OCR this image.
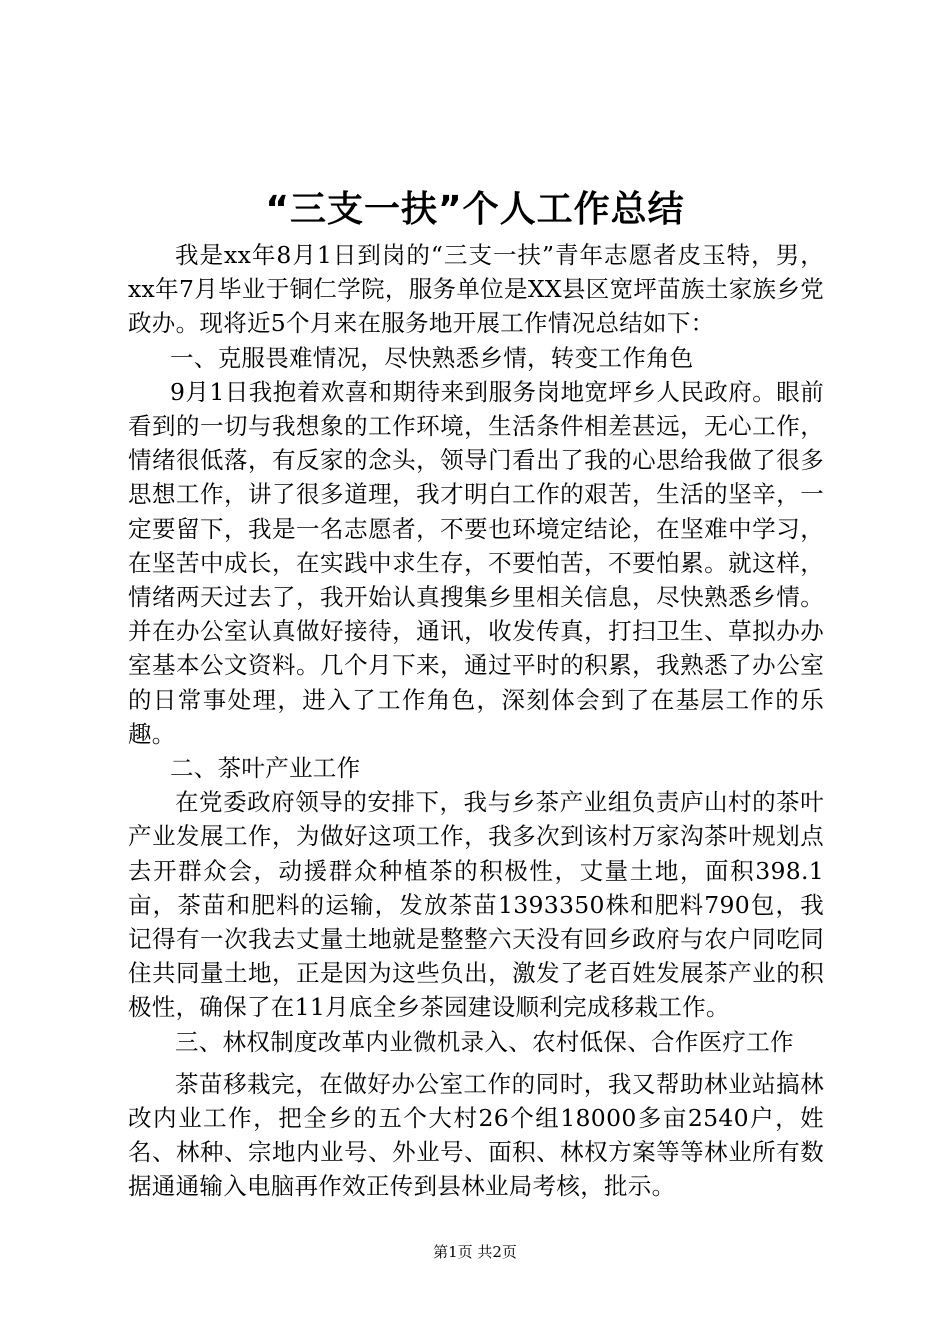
“三支一扶”个人工作总结

我是xx年8月1日到岗的“三支一扶”青年志愿者皮玉特，男，xx年7月毕业于铜仁学院，服务单位是XX县区宽坪苗族土家族乡党政办。现将近5个月来在服务地开展工作情况总结如下：

一、克服畏难情况，尽快熟悉乡情，转变工作角色

9月1日我抱着欢喜和期待来到服务岗地宽坪乡人民政府。眼前看到的一切与我想象的工作环境，生活条件相差甚远，无心工作，情绪很低落，有反家的念头，领导门看出了我的心思给我做了很多思想工作，讲了很多道理，我才明白工作的艰苦，生活的坚辛，一定要留下，我是一名志愿者，不要也环境定结论，在坚难中学习，在坚苦中成长，在实践中求生存，不要怕苦，不要怕累。就这样，情绪两天过去了，我开始认真搜集乡里相关信息，尽快熟悉乡情。并在办公室认真做好接待，通讯，收发传真，打扫卫生、草拟办办室基本公文资料。几个月下来，通过平时的积累，我熟悉了办公室的日常事处理，进入了工作角色，深刻体会到了在基层工作的乐趣。

二、茶叶产业工作

在党委政府领导的安排下，我与乡茶产业组负责庐山村的茶叶产业发展工作，为做好这项工作，我多次到该村万家沟茶叶规划点去开群众会，动援群众种植茶的积极性，丈量土地，面积398.1亩，茶苗和肥料的运输，发放茶苗1393350株和肥料790包，我记得有一次我去丈量土地就是整整六天没有回乡政府与农户同吃同住共同量土地，正是因为这些负出，激发了老百姓发展茶产业的积极性，确保了在11月底全乡茶园建设顺利完成移栽工作。

三、林权制度改革内业微机录入、农村低保、合作医疗工作

茶苗移栽完，在做好办公室工作的同时，我又帮助林业站搞林改内业工作，把全乡的五个大村26个组18000多亩2540户，姓名、林种、宗地内业号、外业号、面积、林权方案等等林业所有数据通通输入电脑再作效正传到县林业局考核，批示。

第1页 共2页
